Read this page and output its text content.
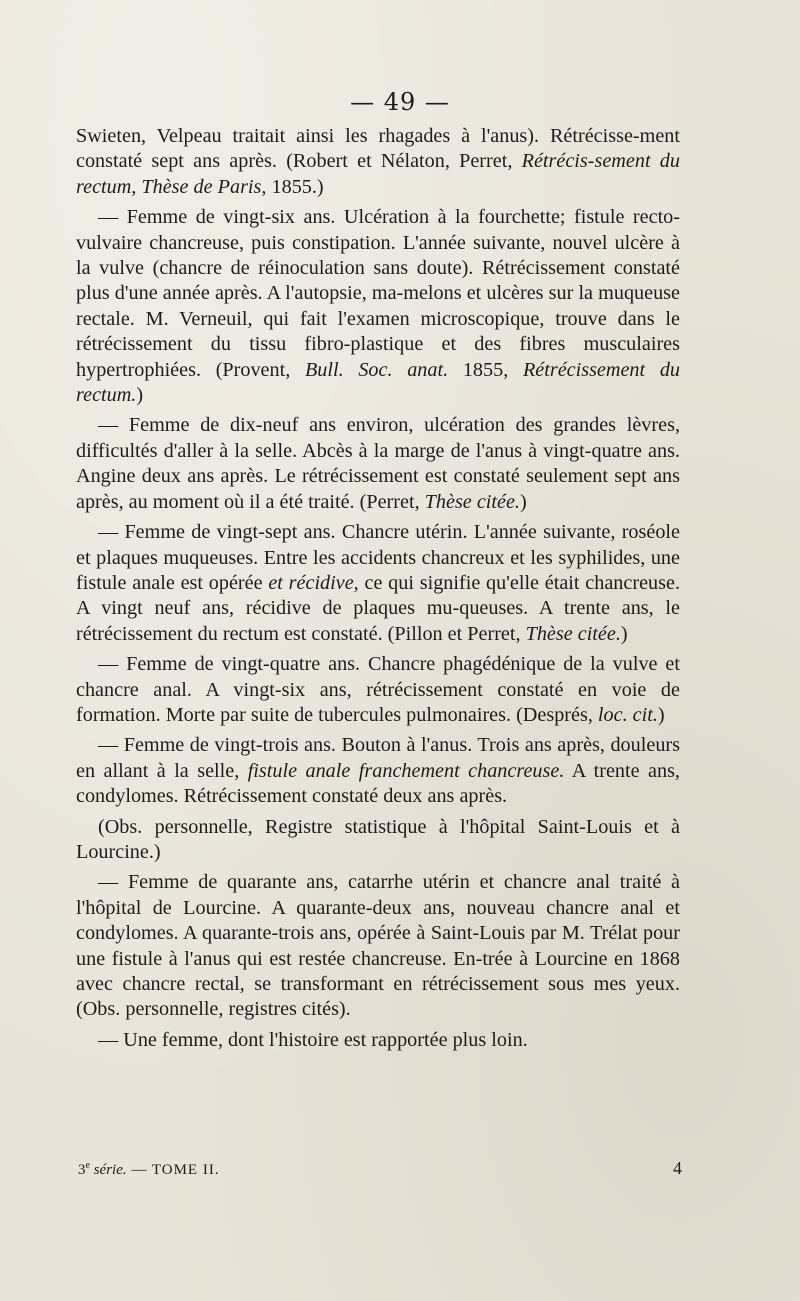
— 49 —

Swieten, Velpeau traitait ainsi les rhagades à l'anus). Rétrécisse-ment constaté sept ans après. (Robert et Nélaton, Perret, Rétrécis-sement du rectum, Thèse de Paris, 1855.)

— Femme de vingt-six ans. Ulcération à la fourchette; fistule recto-vulvaire chancreuse, puis constipation. L'année suivante, nouvel ulcère à la vulve (chancre de réinoculation sans doute). Rétrécissement constaté plus d'une année après. A l'autopsie, ma-melons et ulcères sur la muqueuse rectale. M. Verneuil, qui fait l'examen microscopique, trouve dans le rétrécissement du tissu fibro-plastique et des fibres musculaires hypertrophiées. (Provent, Bull. Soc. anat. 1855, Rétrécissement du rectum.)

— Femme de dix-neuf ans environ, ulcération des grandes lèvres, difficultés d'aller à la selle. Abcès à la marge de l'anus à vingt-quatre ans. Angine deux ans après. Le rétrécissement est constaté seulement sept ans après, au moment où il a été traité. (Perret, Thèse citée.)

— Femme de vingt-sept ans. Chancre utérin. L'année suivante, roséole et plaques muqueuses. Entre les accidents chancreux et les syphilides, une fistule anale est opérée et récidive, ce qui signifie qu'elle était chancreuse. A vingt neuf ans, récidive de plaques mu-queuses. A trente ans, le rétrécissement du rectum est constaté. (Pillon et Perret, Thèse citée.)

— Femme de vingt-quatre ans. Chancre phagédénique de la vulve et chancre anal. A vingt-six ans, rétrécissement constaté en voie de formation. Morte par suite de tubercules pulmonaires. (Després, loc. cit.)

— Femme de vingt-trois ans. Bouton à l'anus. Trois ans après, douleurs en allant à la selle, fistule anale franchement chancreuse. A trente ans, condylomes. Rétrécissement constaté deux ans après.

(Obs. personnelle, Registre statistique à l'hôpital Saint-Louis et à Lourcine.)

— Femme de quarante ans, catarrhe utérin et chancre anal traité à l'hôpital de Lourcine. A quarante-deux ans, nouveau chancre anal et condylomes. A quarante-trois ans, opérée à Saint-Louis par M. Trélat pour une fistule à l'anus qui est restée chancreuse. En-trée à Lourcine en 1868 avec chancre rectal, se transformant en rétrécissement sous mes yeux. (Obs. personnelle, registres cités).

— Une femme, dont l'histoire est rapportée plus loin.

3e série. — TOME II.	4
